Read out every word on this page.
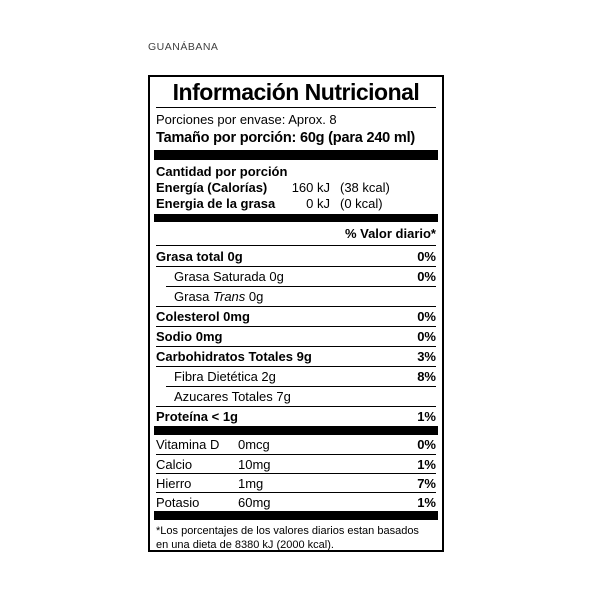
GUANÁBANA
Información Nutricional
Porciones por envase: Aprox. 8
Tamaño por porción: 60g (para 240 ml)
Cantidad por porción
Energía (Calorías)	160 kJ (38 kcal)
Energia de la grasa	0 kJ (0 kcal)
% Valor diario*
Grasa total 0g	0%
Grasa Saturada 0g	0%
Grasa Trans 0g
Colesterol 0mg	0%
Sodio 0mg	0%
Carbohidratos Totales 9g	3%
Fibra Dietética 2g	8%
Azucares Totales 7g
Proteína < 1g	1%
Vitamina D	0mcg	0%
Calcio	10mg	1%
Hierro	1mg	7%
Potasio	60mg	1%
*Los porcentajes de los valores diarios estan basados en una dieta de 8380 kJ (2000 kcal).
